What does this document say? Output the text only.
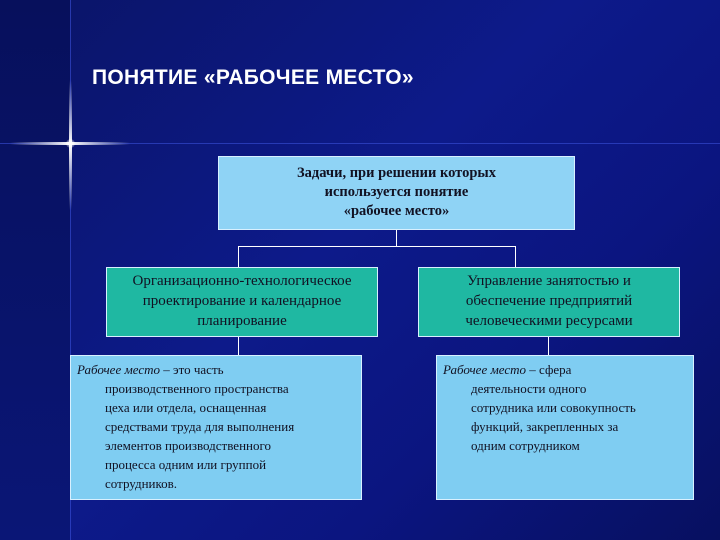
ПОНЯТИЕ «РАБОЧЕЕ МЕСТО»
Задачи, при решении которых
используется понятие
«рабочее место»
Организационно-технологическое
проектирование и календарное
планирование
Управление занятостью и
обеспечение предприятий
человеческими ресурсами
Рабочее место – это часть
производственного пространства
цеха или отдела, оснащенная
средствами труда для выполнения
элементов производственного
процесса одним или группой
сотрудников.
Рабочее место – сфера
деятельности одного
сотрудника или совокупность
функций, закрепленных за
одним сотрудником
